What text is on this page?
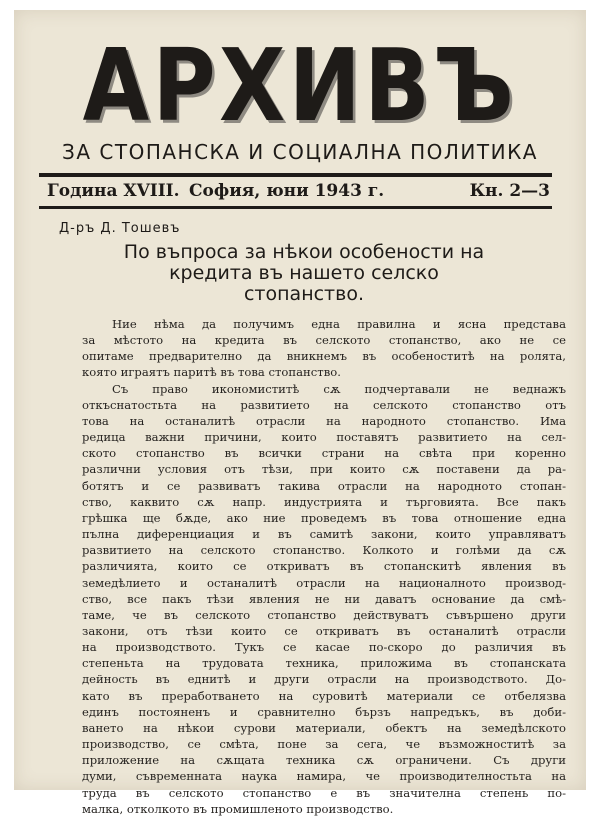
АРХИВЪ
ЗА СТОПАНСКА И СОЦИАЛНА ПОЛИТИКА
Година XVIII. София, юни 1943 г.	Кн. 2—3
Д-ръ Д. Тошевъ
По въпроса за нѣкои особености на
кредита въ нашето селско
стопанство.
Ние нѣма да получимъ една правилна и ясна представа
за мѣстото на кредита въ селското стопанство, ако не се
опитаме предварително да вникнемъ въ особеноститѣ на ролята,
която играятъ паритѣ въ това стопанство.
Съ право икономиститѣ сѫ подчертавали не веднажъ
откъснатостьта на развитието на селското стопанство отъ
това на останалитѣ отрасли на народното стопанство. Има
редица важни причини, които поставятъ развитието на сел-
ското стопанство въ всички страни на свѣта при коренно
различни условия отъ тѣзи, при които сѫ поставени да ра-
ботятъ и се развиватъ такива отрасли на народното стопан-
ство, каквито сѫ напр. индустрията и търговията. Все пакъ
грѣшка ще бѫде, ако ние проведемъ въ това отношение една
пълна диференциация и въ самитѣ закони, които управляватъ
развитието на селското стопанство. Колкото и голѣми да сѫ
различията, които се откриватъ въ стопанскитѣ явления въ
земедѣлието и останалитѣ отрасли на националното производ-
ство, все пакъ тѣзи явления не ни даватъ основание да смѣ-
таме, че въ селското стопанство действуватъ съвършено други
закони, отъ тѣзи които се откриватъ въ останалитѣ отрасли
на производството. Тукъ се касае по-скоро до различия въ
степеньта на трудовата техника, приложима въ стопанската
дейность въ еднитѣ и други отрасли на производството. До-
като въ преработването на суровитѣ материали се отбелязва
единъ постояненъ и сравнително бързъ напредъкъ, въ доби-
ването на нѣкои сурови материали, обектъ на земедѣлското
производство, се смѣта, поне за сега, че възможноститѣ за
приложение на сѫщата техника сѫ ограничени. Съ други
думи, съвременната наука намира, че производителностьта на
труда въ селското стопанство е въ значителна степень по-
малка, отколкото въ промишленото производство.
